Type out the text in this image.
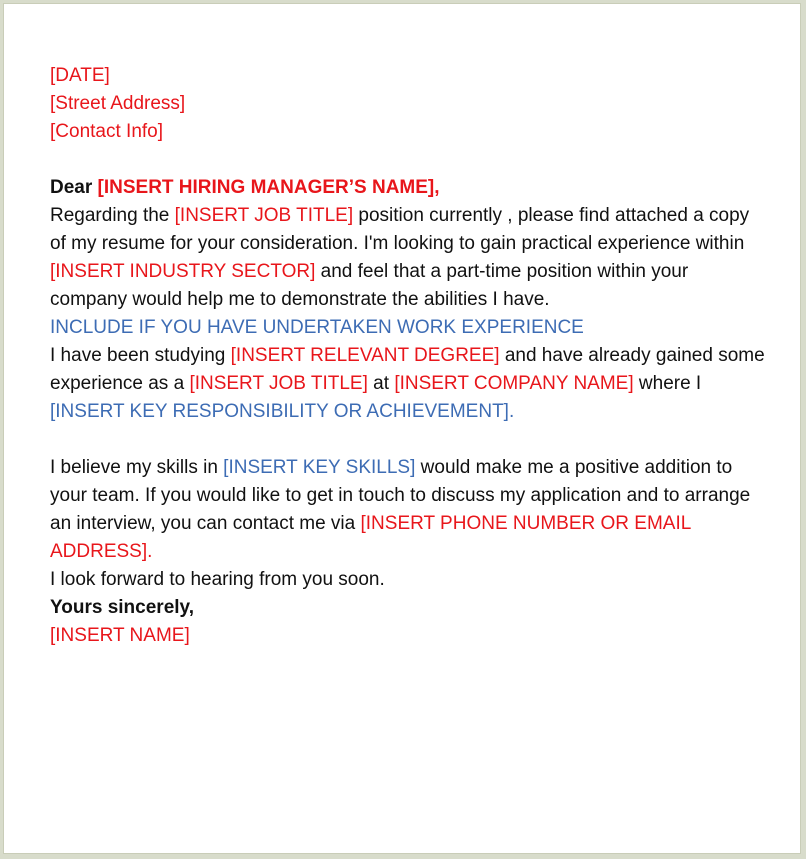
[DATE]

[Street Address]

[Contact Info]

Dear [INSERT HIRING MANAGER’S NAME],

Regarding the [INSERT JOB TITLE] position currently , please find attached a copy of my resume for your consideration. I'm looking to gain practical experience within [INSERT INDUSTRY SECTOR] and feel that a part-time position within your company would help me to demonstrate the abilities I have.

INCLUDE IF YOU HAVE UNDERTAKEN WORK EXPERIENCE

I have been studying [INSERT RELEVANT DEGREE] and have already gained some experience as a [INSERT JOB TITLE] at [INSERT COMPANY NAME] where I [INSERT KEY RESPONSIBILITY OR ACHIEVEMENT].

I believe my skills in [INSERT KEY SKILLS] would make me a positive addition to your team. If you would like to get in touch to discuss my application and to arrange an interview, you can contact me via [INSERT PHONE NUMBER OR EMAIL ADDRESS].

I look forward to hearing from you soon.

Yours sincerely,

[INSERT NAME]
